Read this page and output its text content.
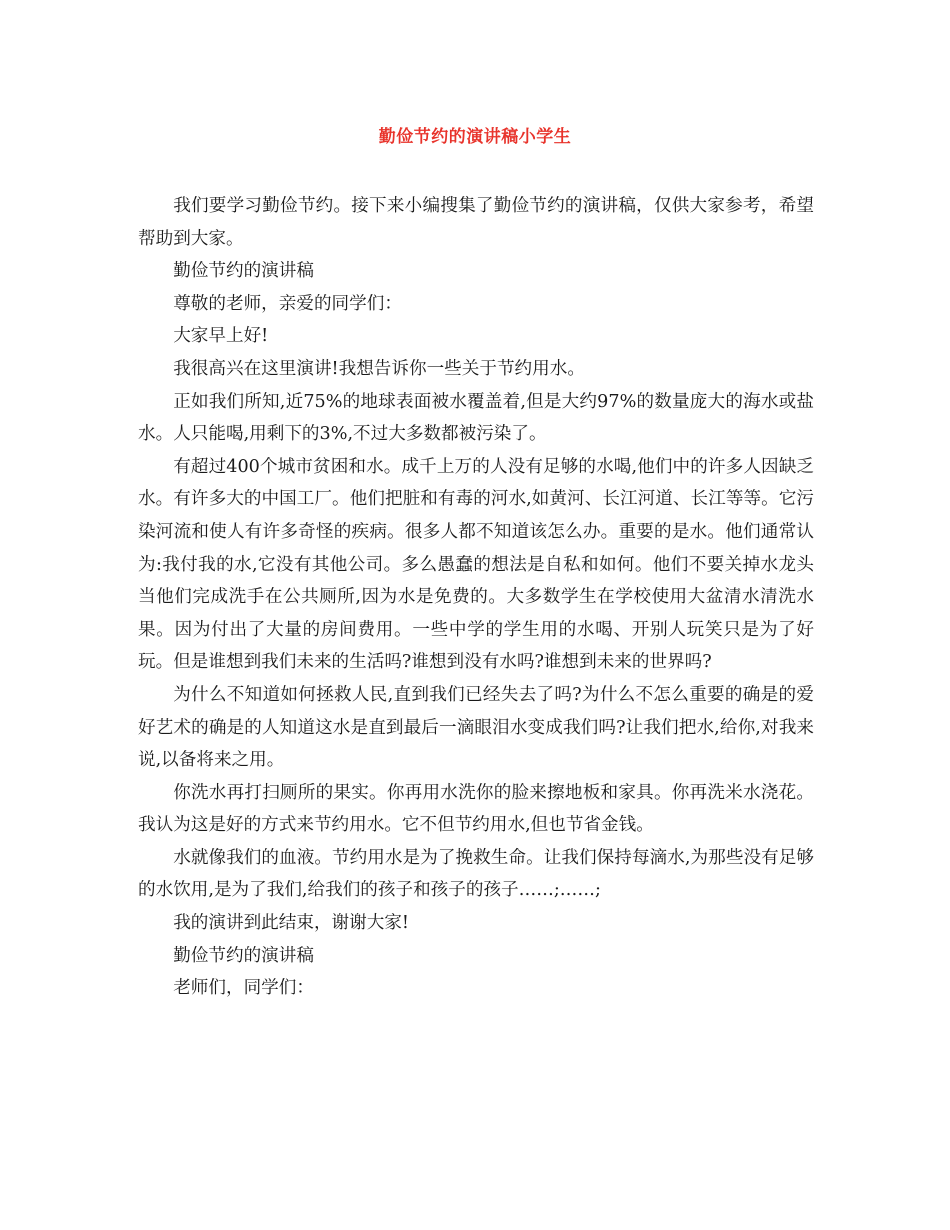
勤俭节约的演讲稿小学生

我们要学习勤俭节约。接下来小编搜集了勤俭节约的演讲稿，仅供大家参考，希望帮助到大家。

勤俭节约的演讲稿

尊敬的老师，亲爱的同学们：

大家早上好!

我很高兴在这里演讲!我想告诉你一些关于节约用水。

正如我们所知,近75%的地球表面被水覆盖着,但是大约97%的数量庞大的海水或盐水。人只能喝,用剩下的3%,不过大多数都被污染了。

有超过400个城市贫困和水。成千上万的人没有足够的水喝,他们中的许多人因缺乏水。有许多大的中国工厂。他们把脏和有毒的河水,如黄河、长江河道、长江等等。它污染河流和使人有许多奇怪的疾病。很多人都不知道该怎么办。重要的是水。他们通常认为:我付我的水,它没有其他公司。多么愚蠢的想法是自私和如何。他们不要关掉水龙头当他们完成洗手在公共厕所,因为水是免费的。大多数学生在学校使用大盆清水清洗水果。因为付出了大量的房间费用。一些中学的学生用的水喝、开别人玩笑只是为了好玩。但是谁想到我们未来的生活吗?谁想到没有水吗?谁想到未来的世界吗?

为什么不知道如何拯救人民,直到我们已经失去了吗?为什么不怎么重要的确是的爱好艺术的确是的人知道这水是直到最后一滴眼泪水变成我们吗?让我们把水,给你,对我来说,以备将来之用。

你洗水再打扫厕所的果实。你再用水洗你的脸来擦地板和家具。你再洗米水浇花。我认为这是好的方式来节约用水。它不但节约用水,但也节省金钱。

水就像我们的血液。节约用水是为了挽救生命。让我们保持每滴水,为那些没有足够的水饮用,是为了我们,给我们的孩子和孩子的孩子……;……;

我的演讲到此结束，谢谢大家!

勤俭节约的演讲稿

老师们，同学们：
